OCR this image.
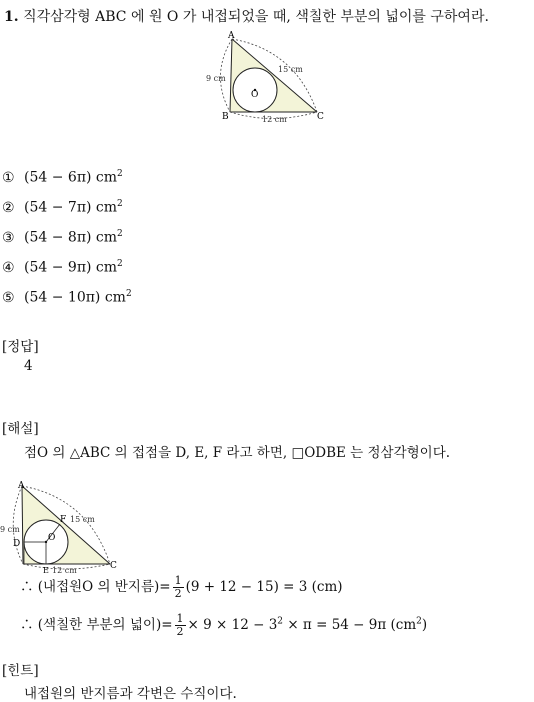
1. 직각삼각형 ABC 에 원 O 가 내접되었을 때, 색칠한 부분의 넓이를 구하여라.
A
B	C
O
9 cm
15 cm
12 cm
① (54 − 6π) $cm^2$
② (54 − 7π) $cm^2$
③ (54 − 8π) $cm^2$
④ (54 − 9π) $cm^2$
⑤ (54 − 10π) $cm^2$
[정답]
4
[해설]
점O 의 △ABC 의 접점을 D, E, F 라고 하면, □ODBE 는 정삼각형이다.
A
C
D
E
F
O
9 cm
15 cm
12 cm
∴ (내접원O 의 반지름)= $\frac{1}{2} (9 + 12 - 15) = 3$ (cm)
∴ (색칠한 부분의 넓이)= $\frac{1}{2} \times 9 \times 12 - 3^2 \times \pi = 54 - 9\pi$ $(cm^2)$
[힌트]
내접원의 반지름과 각변은 수직이다.
